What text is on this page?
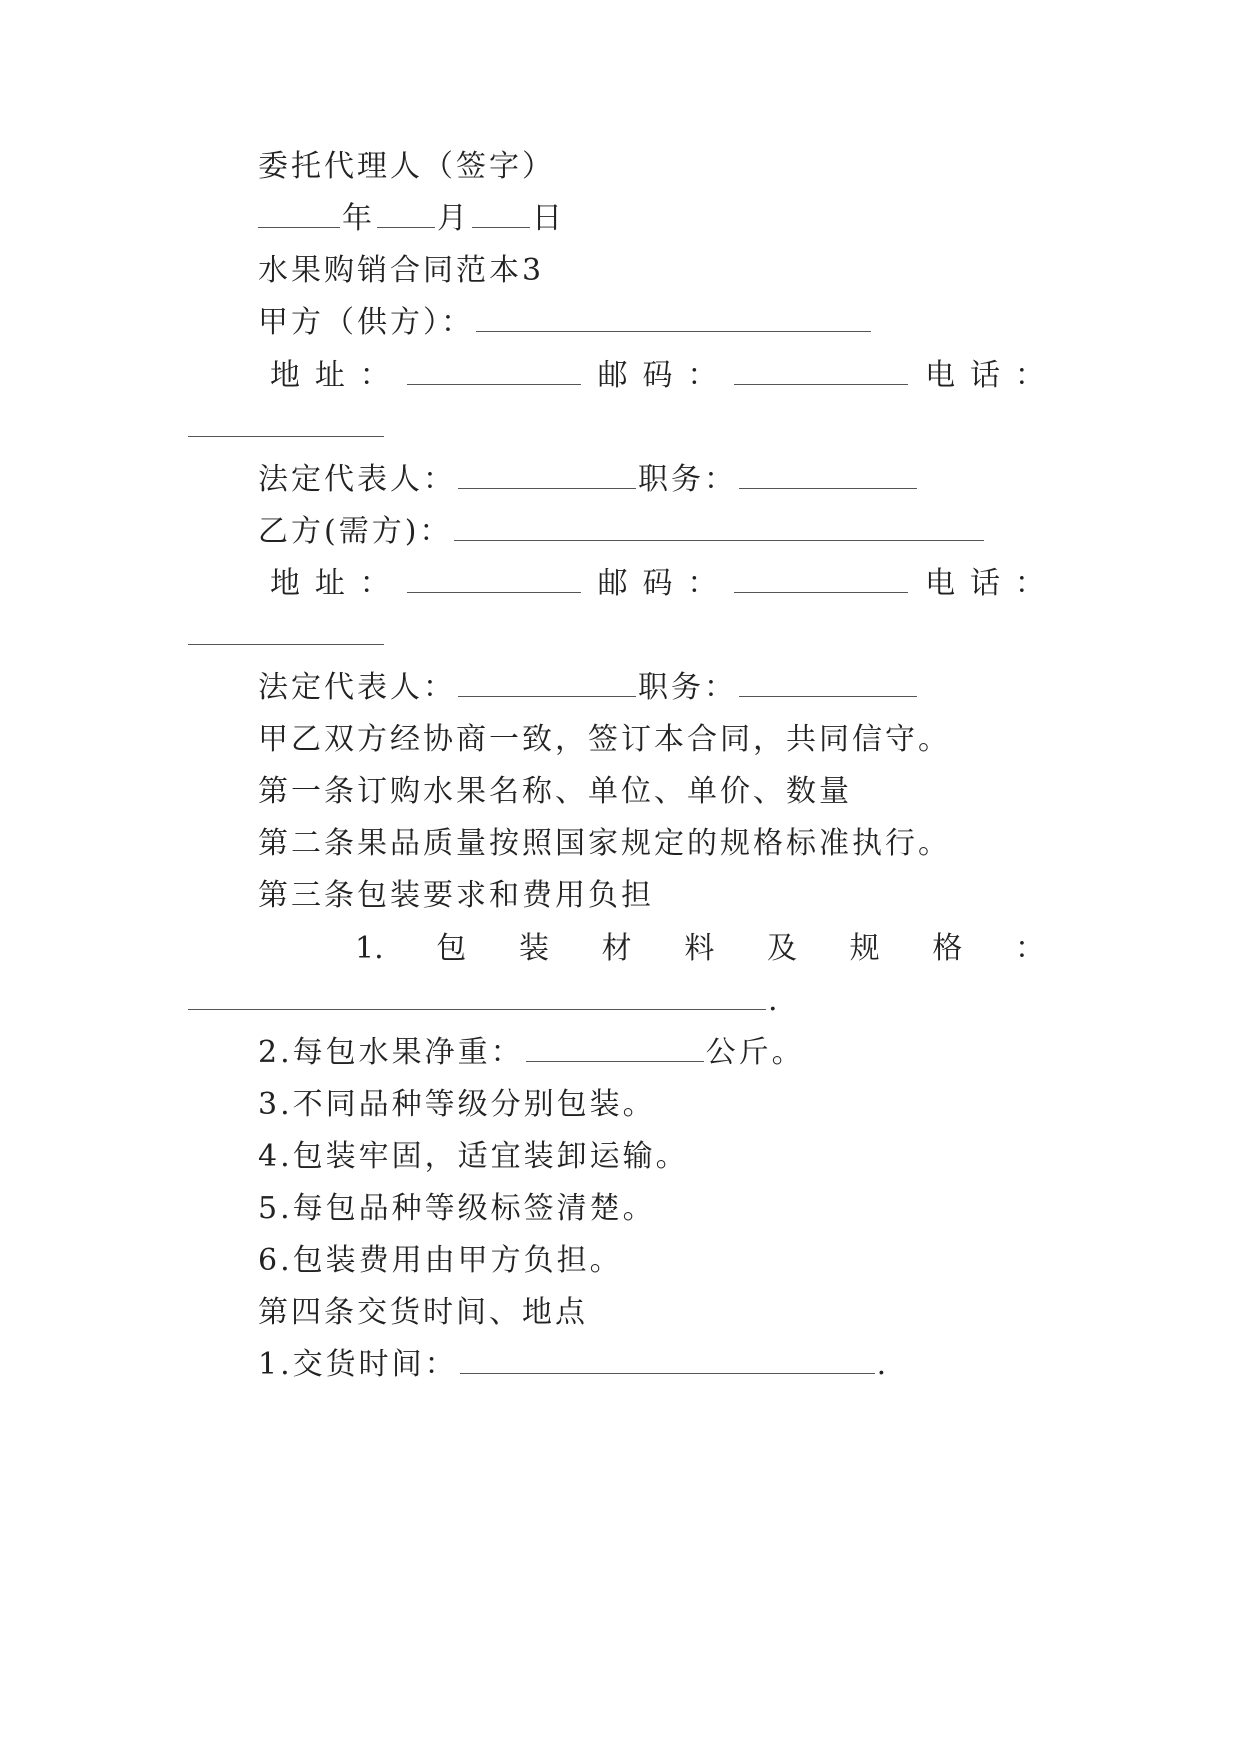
委托代理人（签字）
年 月 日
水果购销合同范本3
甲方（供方）：
地 址 ：	邮 码 ：	电 话 ：
法定代表人：	职务：
乙方(需方)：
地 址 ：	邮 码 ：	电 话 ：
法定代表人：	职务：
甲乙双方经协商一致，签订本合同，共同信守。
第一条订购水果名称、单位、单价、数量
第二条果品质量按照国家规定的规格标准执行。
第三条包装要求和费用负担
1. 包 装 材 料 及 规 格 ：
.
2.每包水果净重：	公斤。
3.不同品种等级分别包装。
4.包装牢固，适宜装卸运输。
5.每包品种等级标签清楚。
6.包装费用由甲方负担。
第四条交货时间、地点
1.交货时间：	.
